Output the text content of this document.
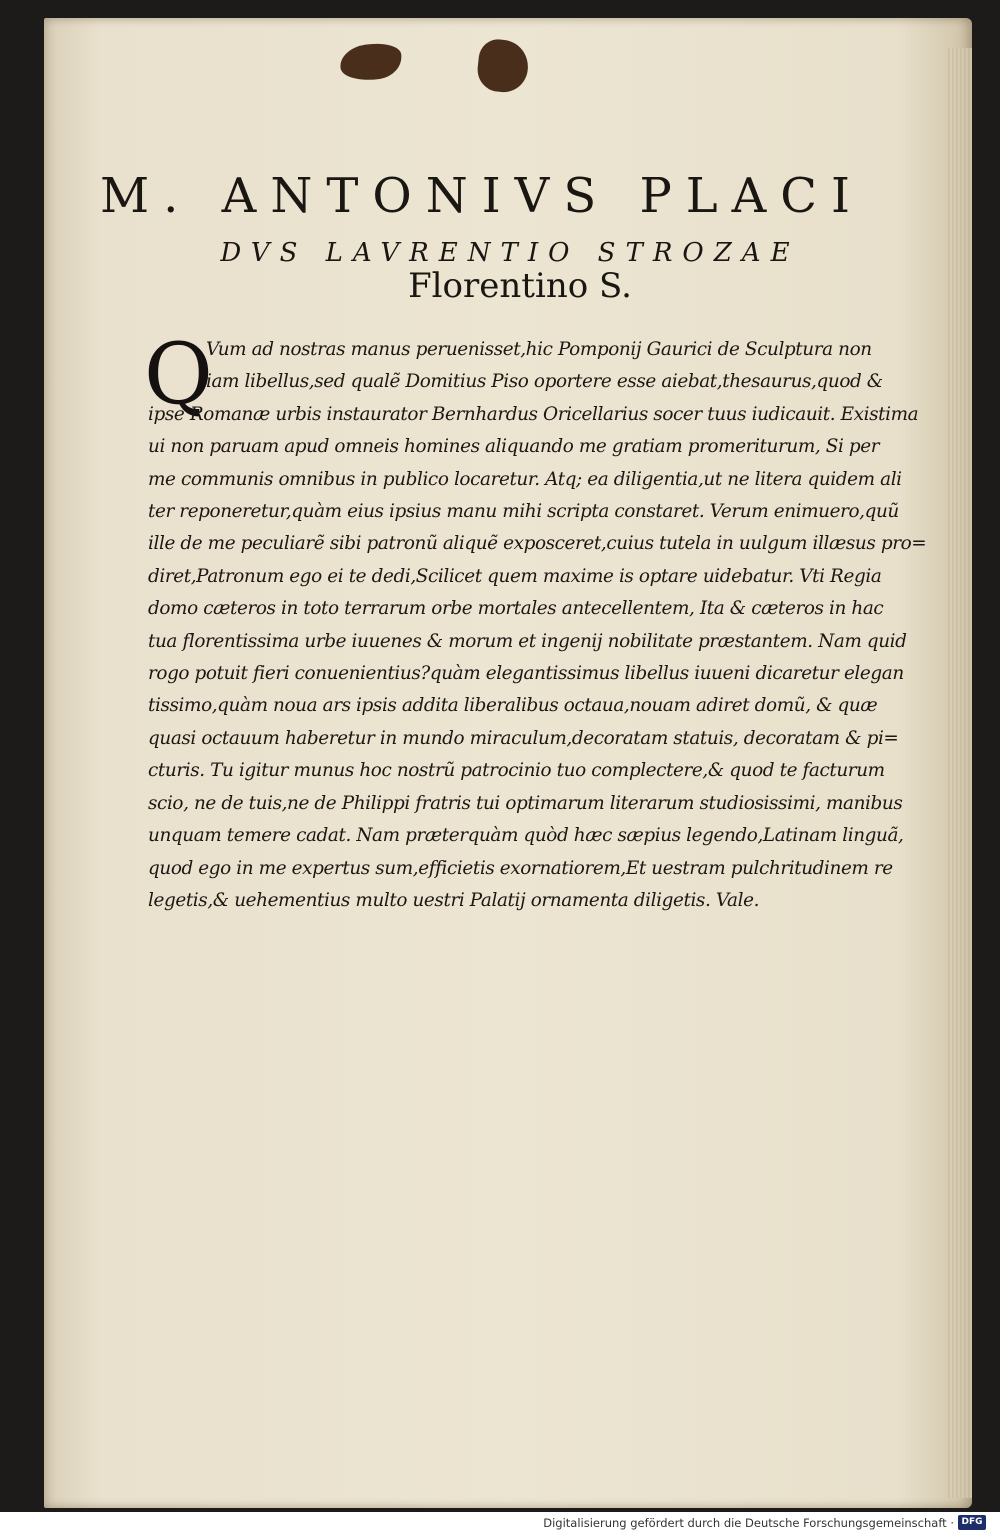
M. ANTONIVS PLACI
DVS LAVRENTIO STROZAE
Florentino S.
Q
Vum ad nostras manus peruenisset,hic Pomponij Gaurici de Sculptura non
iam libellus,sed qualẽ Domitius Piso oportere esse aiebat,thesaurus,quod &
ipse Romanæ urbis instaurator Bernhardus Oricellarius socer tuus iudicauit. Existima
ui non paruam apud omneis homines aliquando me gratiam promeriturum, Si per
me communis omnibus in publico locaretur. Atq; ea diligentia,ut ne litera quidem ali
ter reponeretur,quàm eius ipsius manu mihi scripta constaret. Verum enimuero,quũ
ille de me peculiarẽ sibi patronũ aliquẽ exposceret,cuius tutela in uulgum illæsus pro=
diret,Patronum ego ei te dedi,Scilicet quem maxime is optare uidebatur. Vti Regia
domo cæteros in toto terrarum orbe mortales antecellentem, Ita & cæteros in hac
tua florentissima urbe iuuenes & morum et ingenij nobilitate præstantem. Nam quid
rogo potuit fieri conuenientius?quàm elegantissimus libellus iuueni dicaretur elegan
tissimo,quàm noua ars ipsis addita liberalibus octaua,nouam adiret domũ, & quæ
quasi octauum haberetur in mundo miraculum,decoratam statuis, decoratam & pi=
cturis. Tu igitur munus hoc nostrũ patrocinio tuo complectere,& quod te facturum
scio, ne de tuis,ne de Philippi fratris tui optimarum literarum studiosissimi, manibus
unquam temere cadat. Nam præterquàm quòd hæc sæpius legendo,Latinam linguã,
quod ego in me expertus sum,efficietis exornatiorem,Et uestram pulchritudinem re
legetis,& uehementius multo uestri Palatij ornamenta diligetis. Vale.
Digitalisierung gefördert durch die Deutsche Forschungsgemeinschaft · DFG
